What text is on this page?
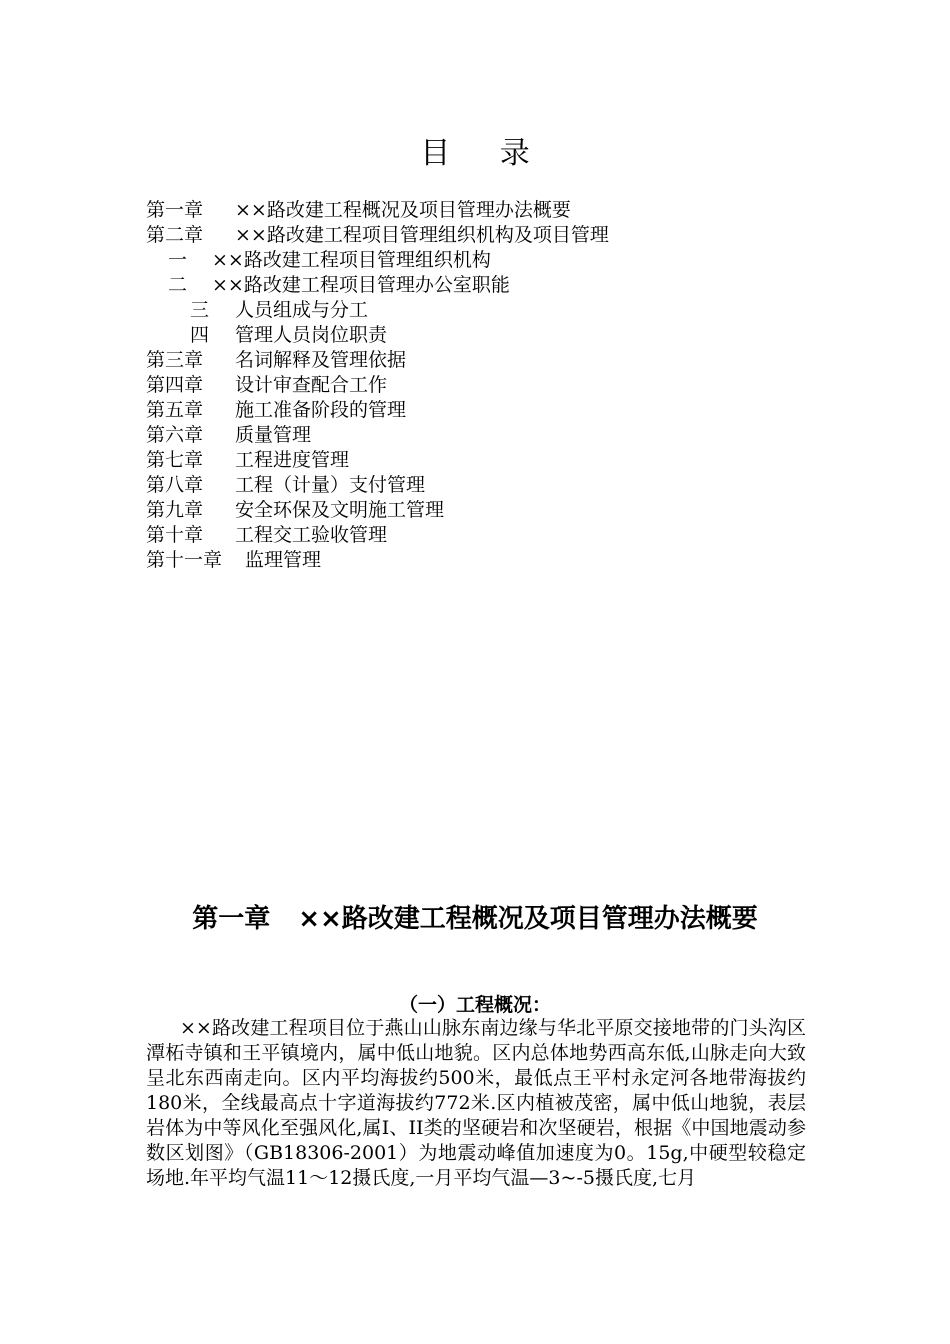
目 录
第一章 ××路改建工程概况及项目管理办法概要
第二章 ××路改建工程项目管理组织机构及项目管理
一 ××路改建工程项目管理组织机构
二 ××路改建工程项目管理办公室职能
三 人员组成与分工
四 管理人员岗位职责
第三章 名词解释及管理依据
第四章 设计审查配合工作
第五章 施工准备阶段的管理
第六章 质量管理
第七章 工程进度管理
第八章 工程（计量）支付管理
第九章 安全环保及文明施工管理
第十章 工程交工验收管理
第十一章 监理管理
第一章 ××路改建工程概况及项目管理办法概要
（一）工程概况：
××路改建工程项目位于燕山山脉东南边缘与华北平原交接地带的门头沟区潭柘寺镇和王平镇境内，属中低山地貌。区内总体地势西高东低,山脉走向大致呈北东西南走向。区内平均海拔约500米，最低点王平村永定河各地带海拔约180米，全线最高点十字道海拔约772米.区内植被茂密，属中低山地貌，表层岩体为中等风化至强风化,属I、II类的坚硬岩和次坚硬岩，根据《中国地震动参数区划图》（GB18306-2001）为地震动峰值加速度为0。15g,中硬型较稳定场地.年平均气温11～12摄氏度,一月平均气温—3~-5摄氏度,七月
